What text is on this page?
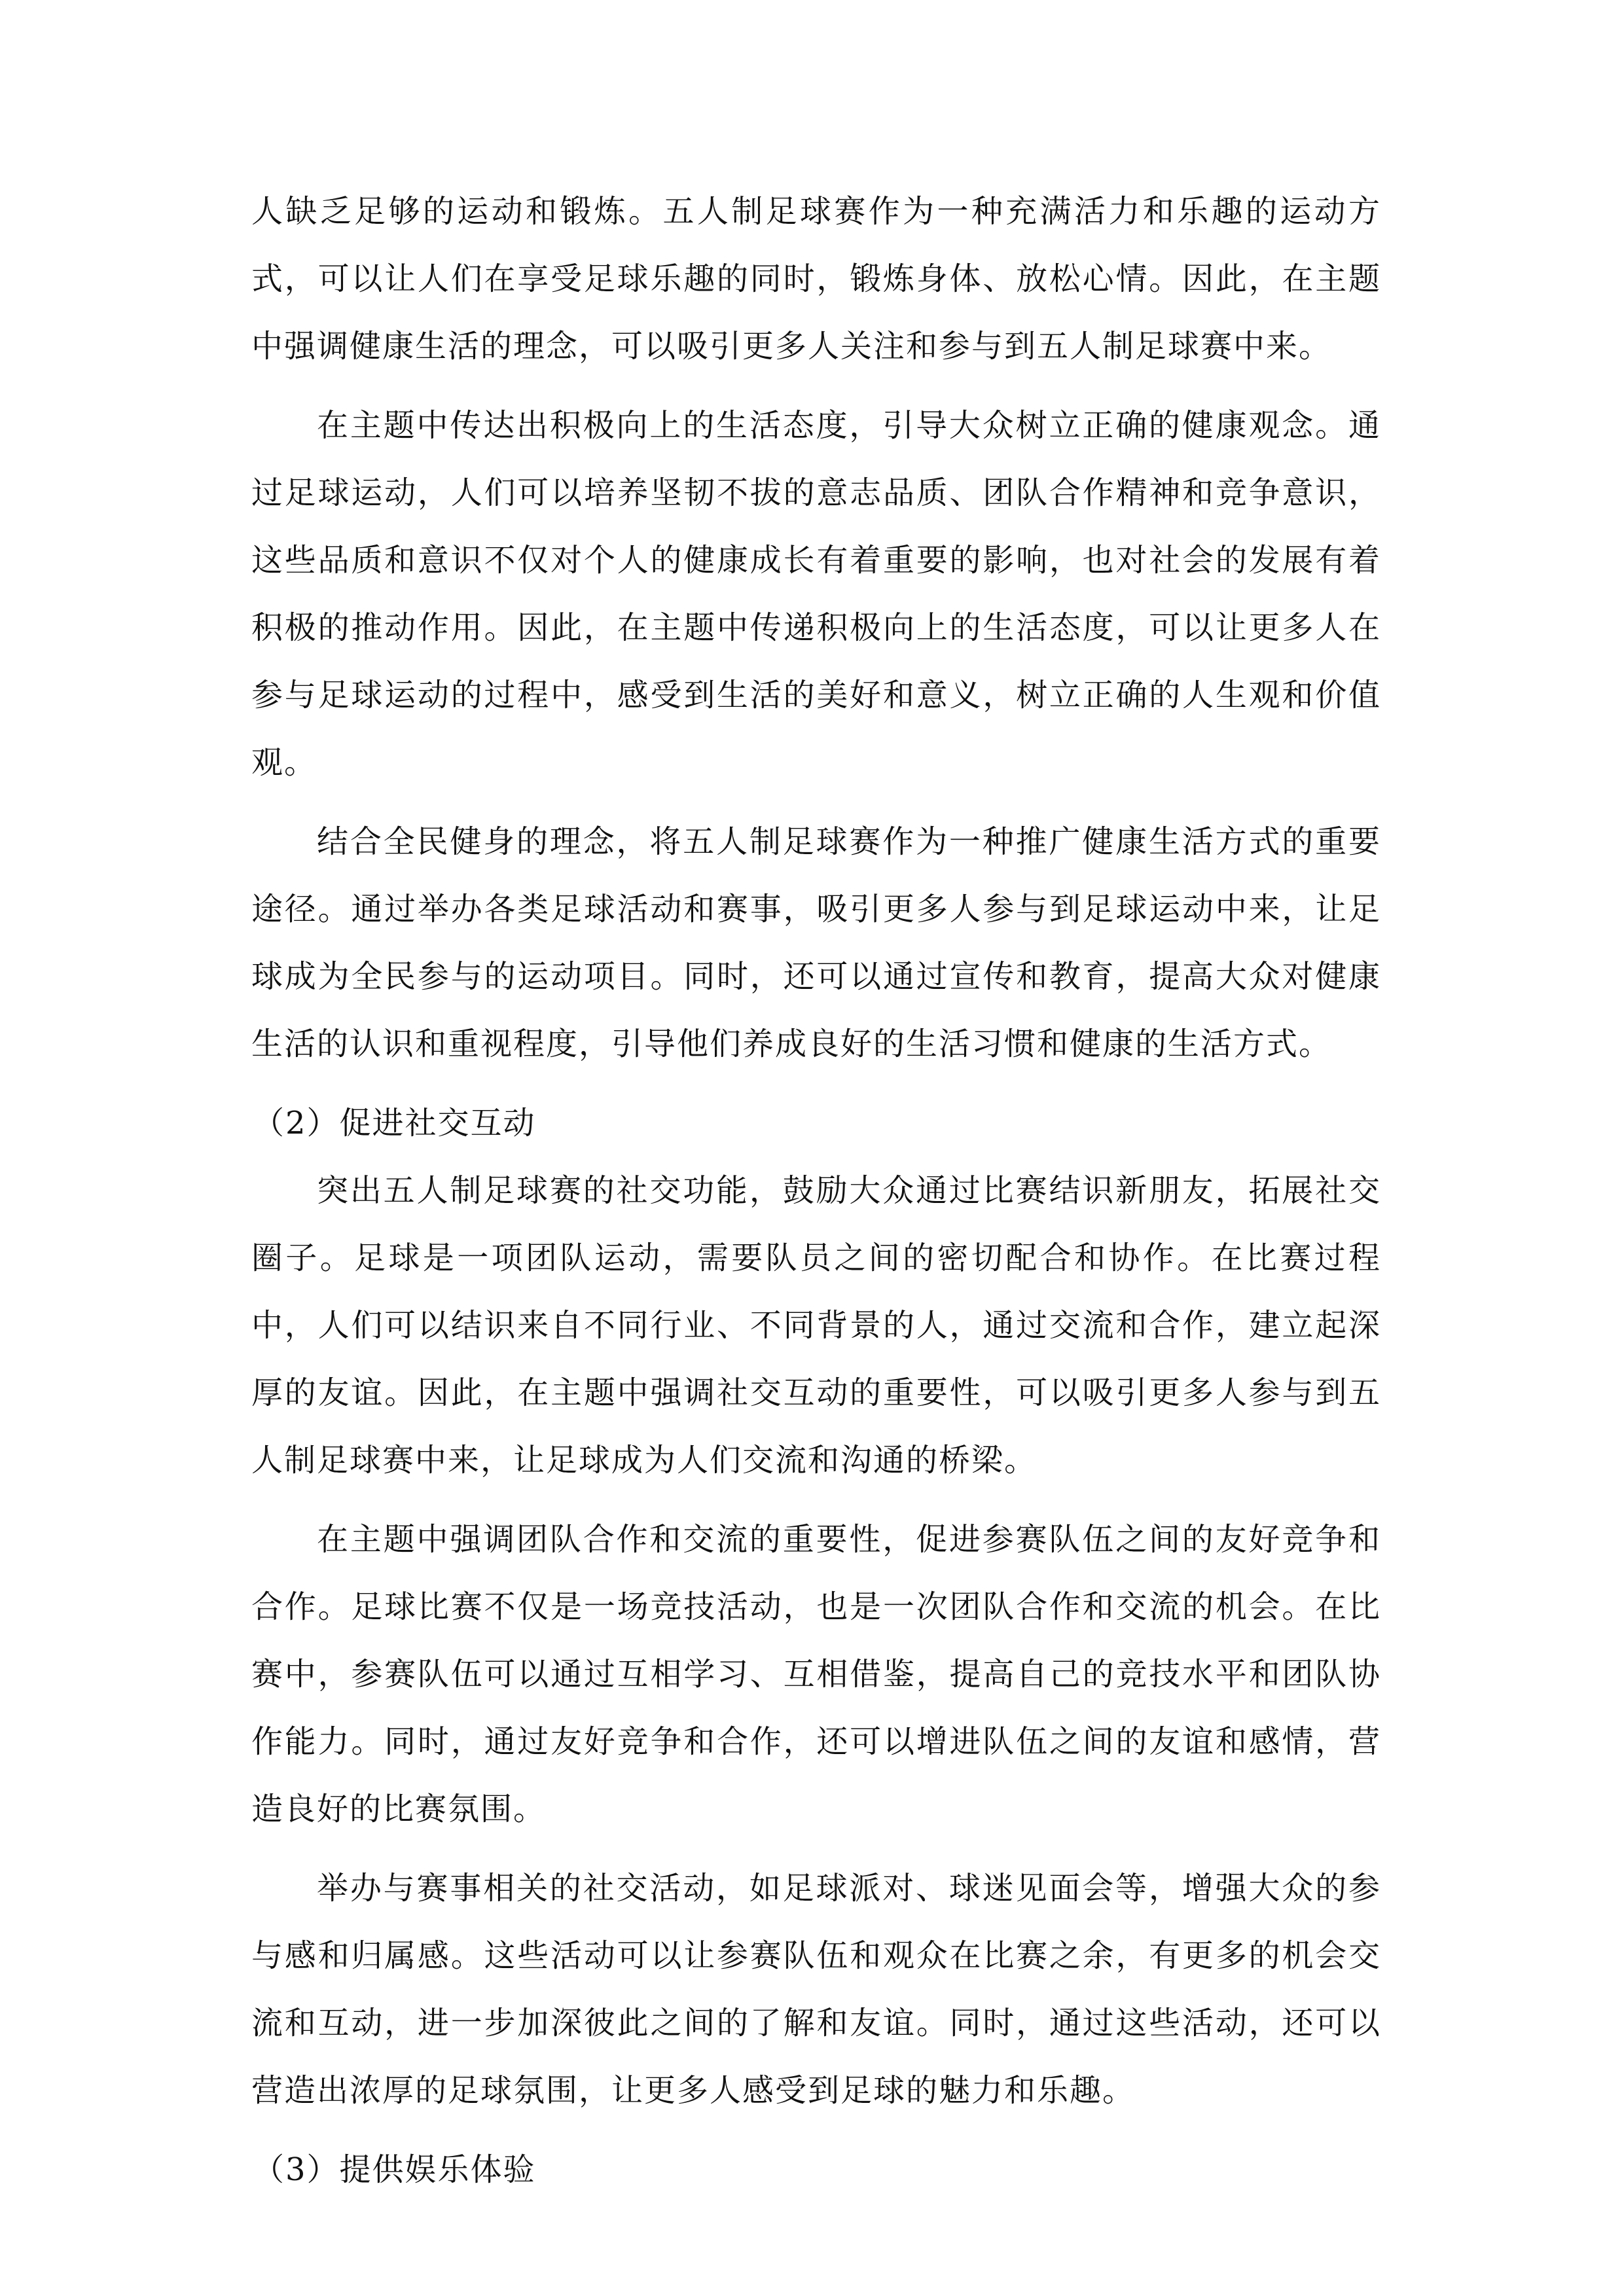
人缺乏足够的运动和锻炼。五人制足球赛作为一种充满活力和乐趣的运动方式，可以让人们在享受足球乐趣的同时，锻炼身体、放松心情。因此，在主题中强调健康生活的理念，可以吸引更多人关注和参与到五人制足球赛中来。

在主题中传达出积极向上的生活态度，引导大众树立正确的健康观念。通过足球运动，人们可以培养坚韧不拔的意志品质、团队合作精神和竞争意识，这些品质和意识不仅对个人的健康成长有着重要的影响，也对社会的发展有着积极的推动作用。因此，在主题中传递积极向上的生活态度，可以让更多人在参与足球运动的过程中，感受到生活的美好和意义，树立正确的人生观和价值观。

结合全民健身的理念，将五人制足球赛作为一种推广健康生活方式的重要途径。通过举办各类足球活动和赛事，吸引更多人参与到足球运动中来，让足球成为全民参与的运动项目。同时，还可以通过宣传和教育，提高大众对健康生活的认识和重视程度，引导他们养成良好的生活习惯和健康的生活方式。

（2）促进社交互动

突出五人制足球赛的社交功能，鼓励大众通过比赛结识新朋友，拓展社交圈子。足球是一项团队运动，需要队员之间的密切配合和协作。在比赛过程中，人们可以结识来自不同行业、不同背景的人，通过交流和合作，建立起深厚的友谊。因此，在主题中强调社交互动的重要性，可以吸引更多人参与到五人制足球赛中来，让足球成为人们交流和沟通的桥梁。

在主题中强调团队合作和交流的重要性，促进参赛队伍之间的友好竞争和合作。足球比赛不仅是一场竞技活动，也是一次团队合作和交流的机会。在比赛中，参赛队伍可以通过互相学习、互相借鉴，提高自己的竞技水平和团队协作能力。同时，通过友好竞争和合作，还可以增进队伍之间的友谊和感情，营造良好的比赛氛围。

举办与赛事相关的社交活动，如足球派对、球迷见面会等，增强大众的参与感和归属感。这些活动可以让参赛队伍和观众在比赛之余，有更多的机会交流和互动，进一步加深彼此之间的了解和友谊。同时，通过这些活动，还可以营造出浓厚的足球氛围，让更多人感受到足球的魅力和乐趣。

（3）提供娱乐体验
